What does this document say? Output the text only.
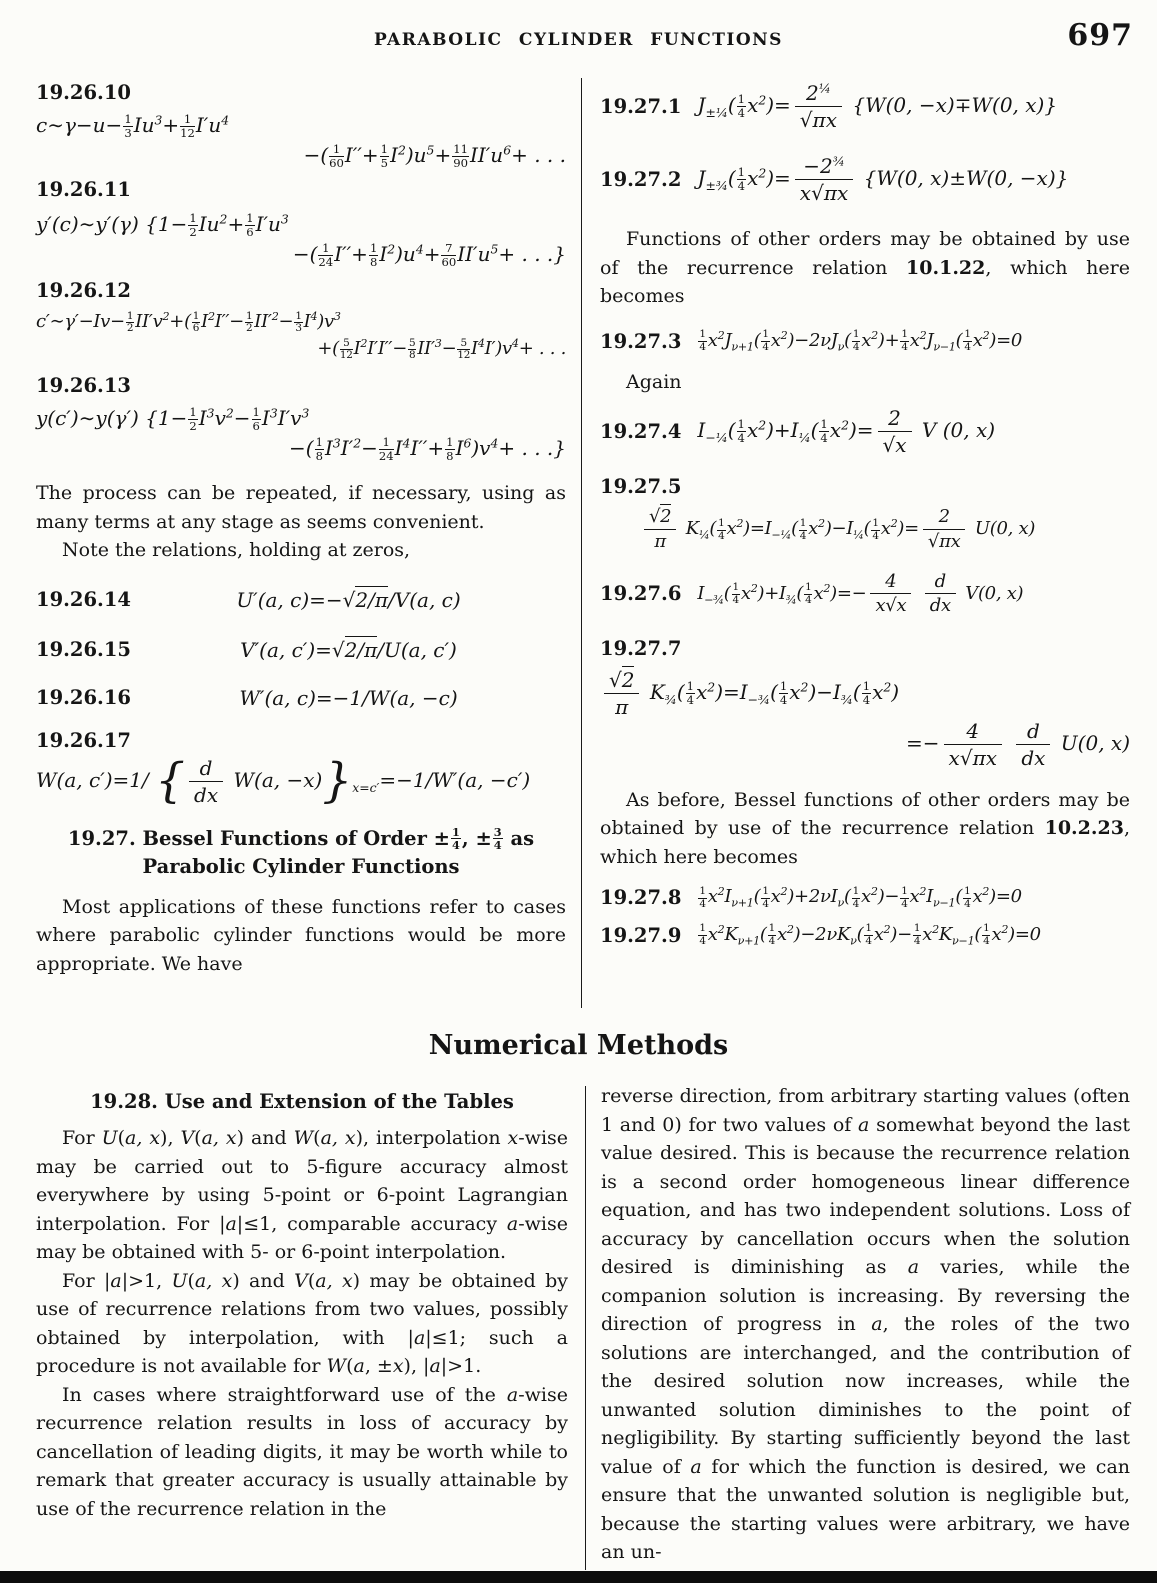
PARABOLIC CYLINDER FUNCTIONS	697
19.26.10
c∼γ−u− $\frac{1}{3} Iu^3+ \frac{1}{12} I'u^4$
−( $\frac{1}{60} I''+ \frac{1}{5} I^2)u^5+ \frac{11}{90} II'u^6+$ . . .
19.26.11
y′(c)∼y′(γ) {$1- \frac{1}{2} Iu^2+ \frac{1}{6} I'u^3$
−( $\frac{1}{24} I''+ \frac{1}{8} I^2)u^4+ \frac{7}{60} II'u^5+$ . . .}
19.26.12
c′∼γ′−Iv− $\frac{1}{2} II'v^2+( \frac{1}{6} I^2I''- \frac{1}{2} II'^2- \frac{1}{3} I^4)v^3$
+( $\frac{5}{12} I^2I'I''- \frac{5}{8} II'^3- \frac{5}{12} I^4I')v^4+$ . . .
19.26.13
y(c′)∼y(γ′) {$1- \frac{1}{2} I^3v^2- \frac{1}{6} I^3I'v^3$
−( $\frac{1}{8} I^3I'^2- \frac{1}{24} I^4I''+ \frac{1}{8} I^6)v^4+$ . . .}
The process can be repeated, if necessary, using as many terms at any stage as seems convenient.
Note the relations, holding at zeros,
19.26.14	U′(a, c)=−√2/π/V(a, c)
19.26.15	V′(a, c′)=√2/π/U(a, c′)
19.26.16	W′(a, c)=−1/W(a, −c)
19.26.17
W(a, c′)=1/ { $\frac{d}{dx} W(a$, $-x)\}_{x=c'}=-1/W'(a$, −c′)
19.27. Bessel Functions of Order ± $\frac{1}{4}$ , ± $\frac{3}{4}$ as
Parabolic Cylinder Functions
Most applications of these functions refer to cases where parabolic cylinder functions would be more appropriate. We have
19.27.1 $J_{\pm\frac{1}{4}}( \frac{1}{4} x^2)= \frac{2^{\frac{1}{4}}}{√\pi x} \{W(0$, −x)∓W(0, x)}
19.27.2 $J_{\pm\frac{3}{4}}( \frac{1}{4} x^2)= \frac{-2^{\frac{3}{4}}}{x√\pi x} \{W(0$, x)±W(0, −x)}
Functions of other orders may be obtained by use of the recurrence relation 10.1.22, which here becomes
$19.27.3 \frac{1}{4} x^2J_{\nu+1}( \frac{1}{4} x^2)-2\nu J_\nu( \frac{1}{4} x^2)+ \frac{1}{4} x^2J_{\nu-1}( \frac{1}{4} x^2)=0$
Again
19.27.4 $I_{-\frac{1}{4}}( \frac{1}{4} x^2)+I_{\frac{1}{4}}( \frac{1}{4} x^2)= \frac{2}{√x}$ V (0, x)
19.27.5
$\frac{√2}{\pi} K_{\frac{1}{4}}( \frac{1}{4} x^2)=I_{-\frac{1}{4}}( \frac{1}{4} x^2)-I_{\frac{1}{4}}( \frac{1}{4} x^2)= \frac{2}{√\pi x} U(0$, x)
19.27.6 $I_{-\frac{3}{4}}( \frac{1}{4} x^2)+I_{\frac{3}{4}}( \frac{1}{4} x^2)=- \frac{4}{x√x}$
$\frac{d}{dx} V(0$, x)
19.27.7
$\frac{√2}{\pi} K_{\frac{3}{4}}( \frac{1}{4} x^2)=I_{-\frac{3}{4}}( \frac{1}{4} x^2)-I_{\frac{3}{4}}( \frac{1}{4} x^2)$
=− $\frac{4}{x√\pi x}$
$\frac{d}{dx} U(0$, x)
As before, Bessel functions of other orders may be obtained by use of the recurrence relation 10.2.23, which here becomes
$19.27.8 \frac{1}{4} x^2I_{\nu+1}( \frac{1}{4} x^2)+2\nu I_\nu( \frac{1}{4} x^2)- \frac{1}{4} x^2I_{\nu-1}( \frac{1}{4} x^2)=0$
$19.27.9 \frac{1}{4} x^2K_{\nu+1}( \frac{1}{4} x^2)-2\nu K_\nu( \frac{1}{4} x^2)- \frac{1}{4} x^2K_{\nu-1}( \frac{1}{4} x^2)=0$
Numerical Methods
19.28. Use and Extension of the Tables
For U(a, x), V(a, x) and W(a, x), interpolation x-wise may be carried out to 5-figure accuracy almost everywhere by using 5-point or 6-point Lagrangian interpolation. For |a|≤1, comparable accuracy a-wise may be obtained with 5- or 6-point interpolation.
For |a|>1, U(a, x) and V(a, x) may be obtained by use of recurrence relations from two values, possibly obtained by interpolation, with |a|≤1; such a procedure is not available for W(a, ±x), |a|>1.
In cases where straightforward use of the a-wise recurrence relation results in loss of accuracy by cancellation of leading digits, it may be worth while to remark that greater accuracy is usually attainable by use of the recurrence relation in the
reverse direction, from arbitrary starting values (often 1 and 0) for two values of a somewhat beyond the last value desired. This is because the recurrence relation is a second order homogeneous linear difference equation, and has two independent solutions. Loss of accuracy by cancellation occurs when the solution desired is diminishing as a varies, while the companion solution is increasing. By reversing the direction of progress in a, the roles of the two solutions are interchanged, and the contribution of the desired solution now increases, while the unwanted solution diminishes to the point of negligibility. By starting sufficiently beyond the last value of a for which the function is desired, we can ensure that the unwanted solution is negligible but, because the starting values were arbitrary, we have an un-
